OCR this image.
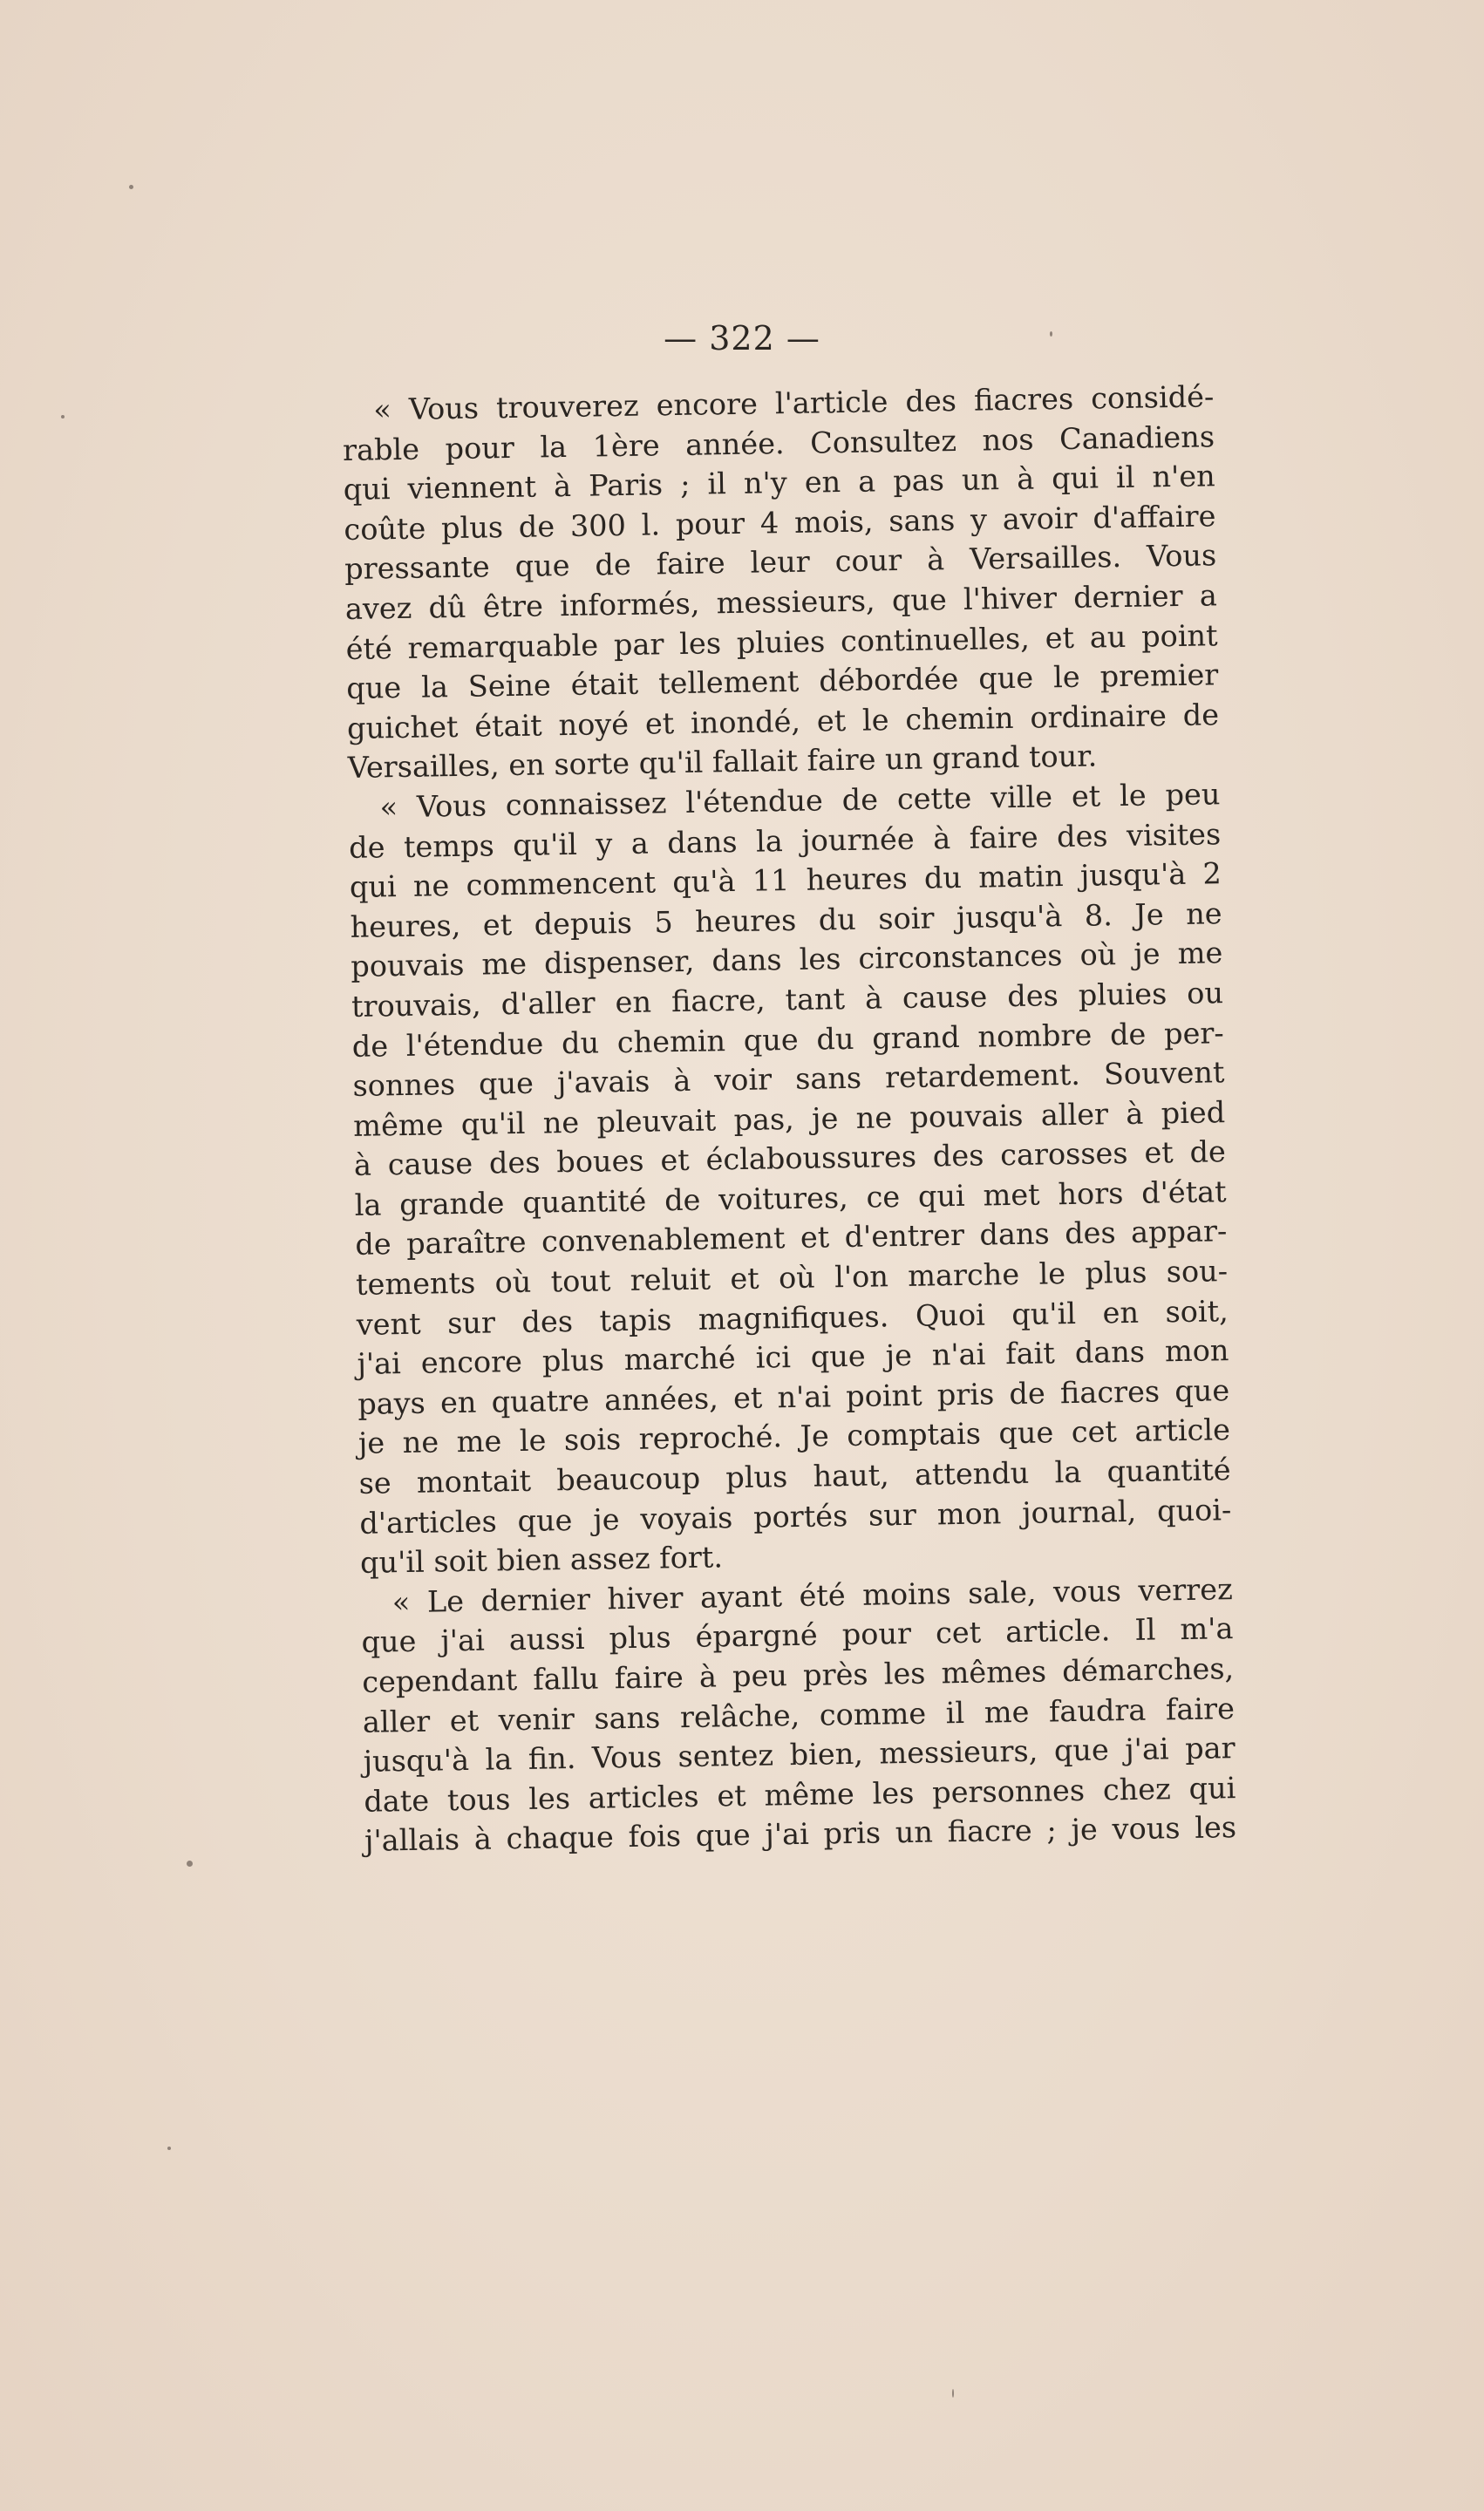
— 322 —
« Vous trouverez encore l'article des fiacres considé-
rable pour la 1ère année. Consultez nos Canadiens
qui viennent à Paris ; il n'y en a pas un à qui il n'en
coûte plus de 300 l. pour 4 mois, sans y avoir d'affaire
pressante que de faire leur cour à Versailles. Vous
avez dû être informés, messieurs, que l'hiver dernier a
été remarquable par les pluies continuelles, et au point
que la Seine était tellement débordée que le premier
guichet était noyé et inondé, et le chemin ordinaire de
Versailles, en sorte qu'il fallait faire un grand tour.
« Vous connaissez l'étendue de cette ville et le peu
de temps qu'il y a dans la journée à faire des visites
qui ne commencent qu'à 11 heures du matin jusqu'à 2
heures, et depuis 5 heures du soir jusqu'à 8. Je ne
pouvais me dispenser, dans les circonstances où je me
trouvais, d'aller en fiacre, tant à cause des pluies ou
de l'étendue du chemin que du grand nombre de per-
sonnes que j'avais à voir sans retardement. Souvent
même qu'il ne pleuvait pas, je ne pouvais aller à pied
à cause des boues et éclaboussures des carosses et de
la grande quantité de voitures, ce qui met hors d'état
de paraître convenablement et d'entrer dans des appar-
tements où tout reluit et où l'on marche le plus sou-
vent sur des tapis magnifiques. Quoi qu'il en soit,
j'ai encore plus marché ici que je n'ai fait dans mon
pays en quatre années, et n'ai point pris de fiacres que
je ne me le sois reproché. Je comptais que cet article
se montait beaucoup plus haut, attendu la quantité
d'articles que je voyais portés sur mon journal, quoi-
qu'il soit bien assez fort.
« Le dernier hiver ayant été moins sale, vous verrez
que j'ai aussi plus épargné pour cet article. Il m'a
cependant fallu faire à peu près les mêmes démarches,
aller et venir sans relâche, comme il me faudra faire
jusqu'à la fin. Vous sentez bien, messieurs, que j'ai par
date tous les articles et même les personnes chez qui
j'allais à chaque fois que j'ai pris un fiacre ; je vous les
